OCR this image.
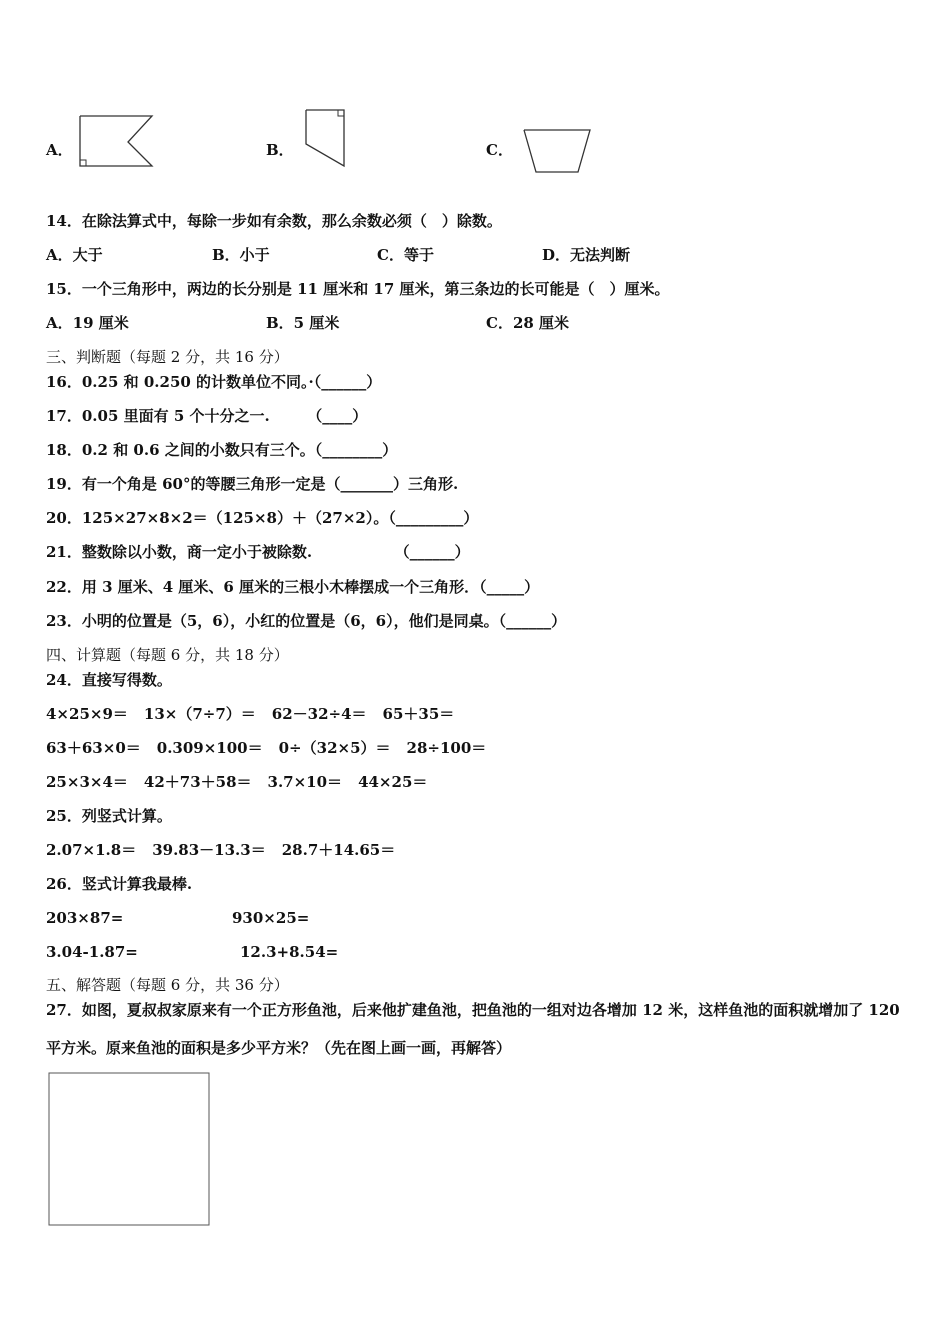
A．	B．	C．
14．在除法算式中，每除一步如有余数，那么余数必须（　）除数。
A．大于	B．小于	C．等于	D．无法判断
15．一个三角形中，两边的长分别是 11 厘米和 17 厘米，第三条边的长可能是（　）厘米。
A．19 厘米	B．5 厘米	C．28 厘米
三、判断题（每题 2 分，共 16 分）
16．0.25 和 0.250 的计数单位不同。·（______）
17．0.05 里面有 5 个十分之一.　　　（____）
18．0.2 和 0.6 之间的小数只有三个。（________）
19．有一个角是 60°的等腰三角形一定是（_______）三角形.
20．125×27×8×2＝（125×8）＋（27×2）。（_________）
21．整数除以小数，商一定小于被除数.　　　　　　（______）
22．用 3 厘米、4 厘米、6 厘米的三根小木棒摆成一个三角形．（_____）
23．小明的位置是（5，6），小红的位置是（6，6），他们是同桌。（______）
四、计算题（每题 6 分，共 18 分）
24．直接写得数。
4×25×9＝ 13×（7÷7）＝ 62－32÷4＝ 65＋35＝
63＋63×0＝ 0.309×100＝ 0÷（32×5）＝ 28÷100＝
25×3×4＝ 42＋73＋58＝ 3.7×10＝ 44×25＝
25．列竖式计算。
2.07×1.8＝ 39.83－13.3＝ 28.7＋14.65＝
26．竖式计算我最棒.
203×87=	930×25=
3.04-1.87=	12.3+8.54=
五、解答题（每题 6 分，共 36 分）
27．如图，夏叔叔家原来有一个正方形鱼池，后来他扩建鱼池，把鱼池的一组对边各增加 12 米，这样鱼池的面积就增加了 120 平方米。原来鱼池的面积是多少平方米？（先在图上画一画，再解答）
